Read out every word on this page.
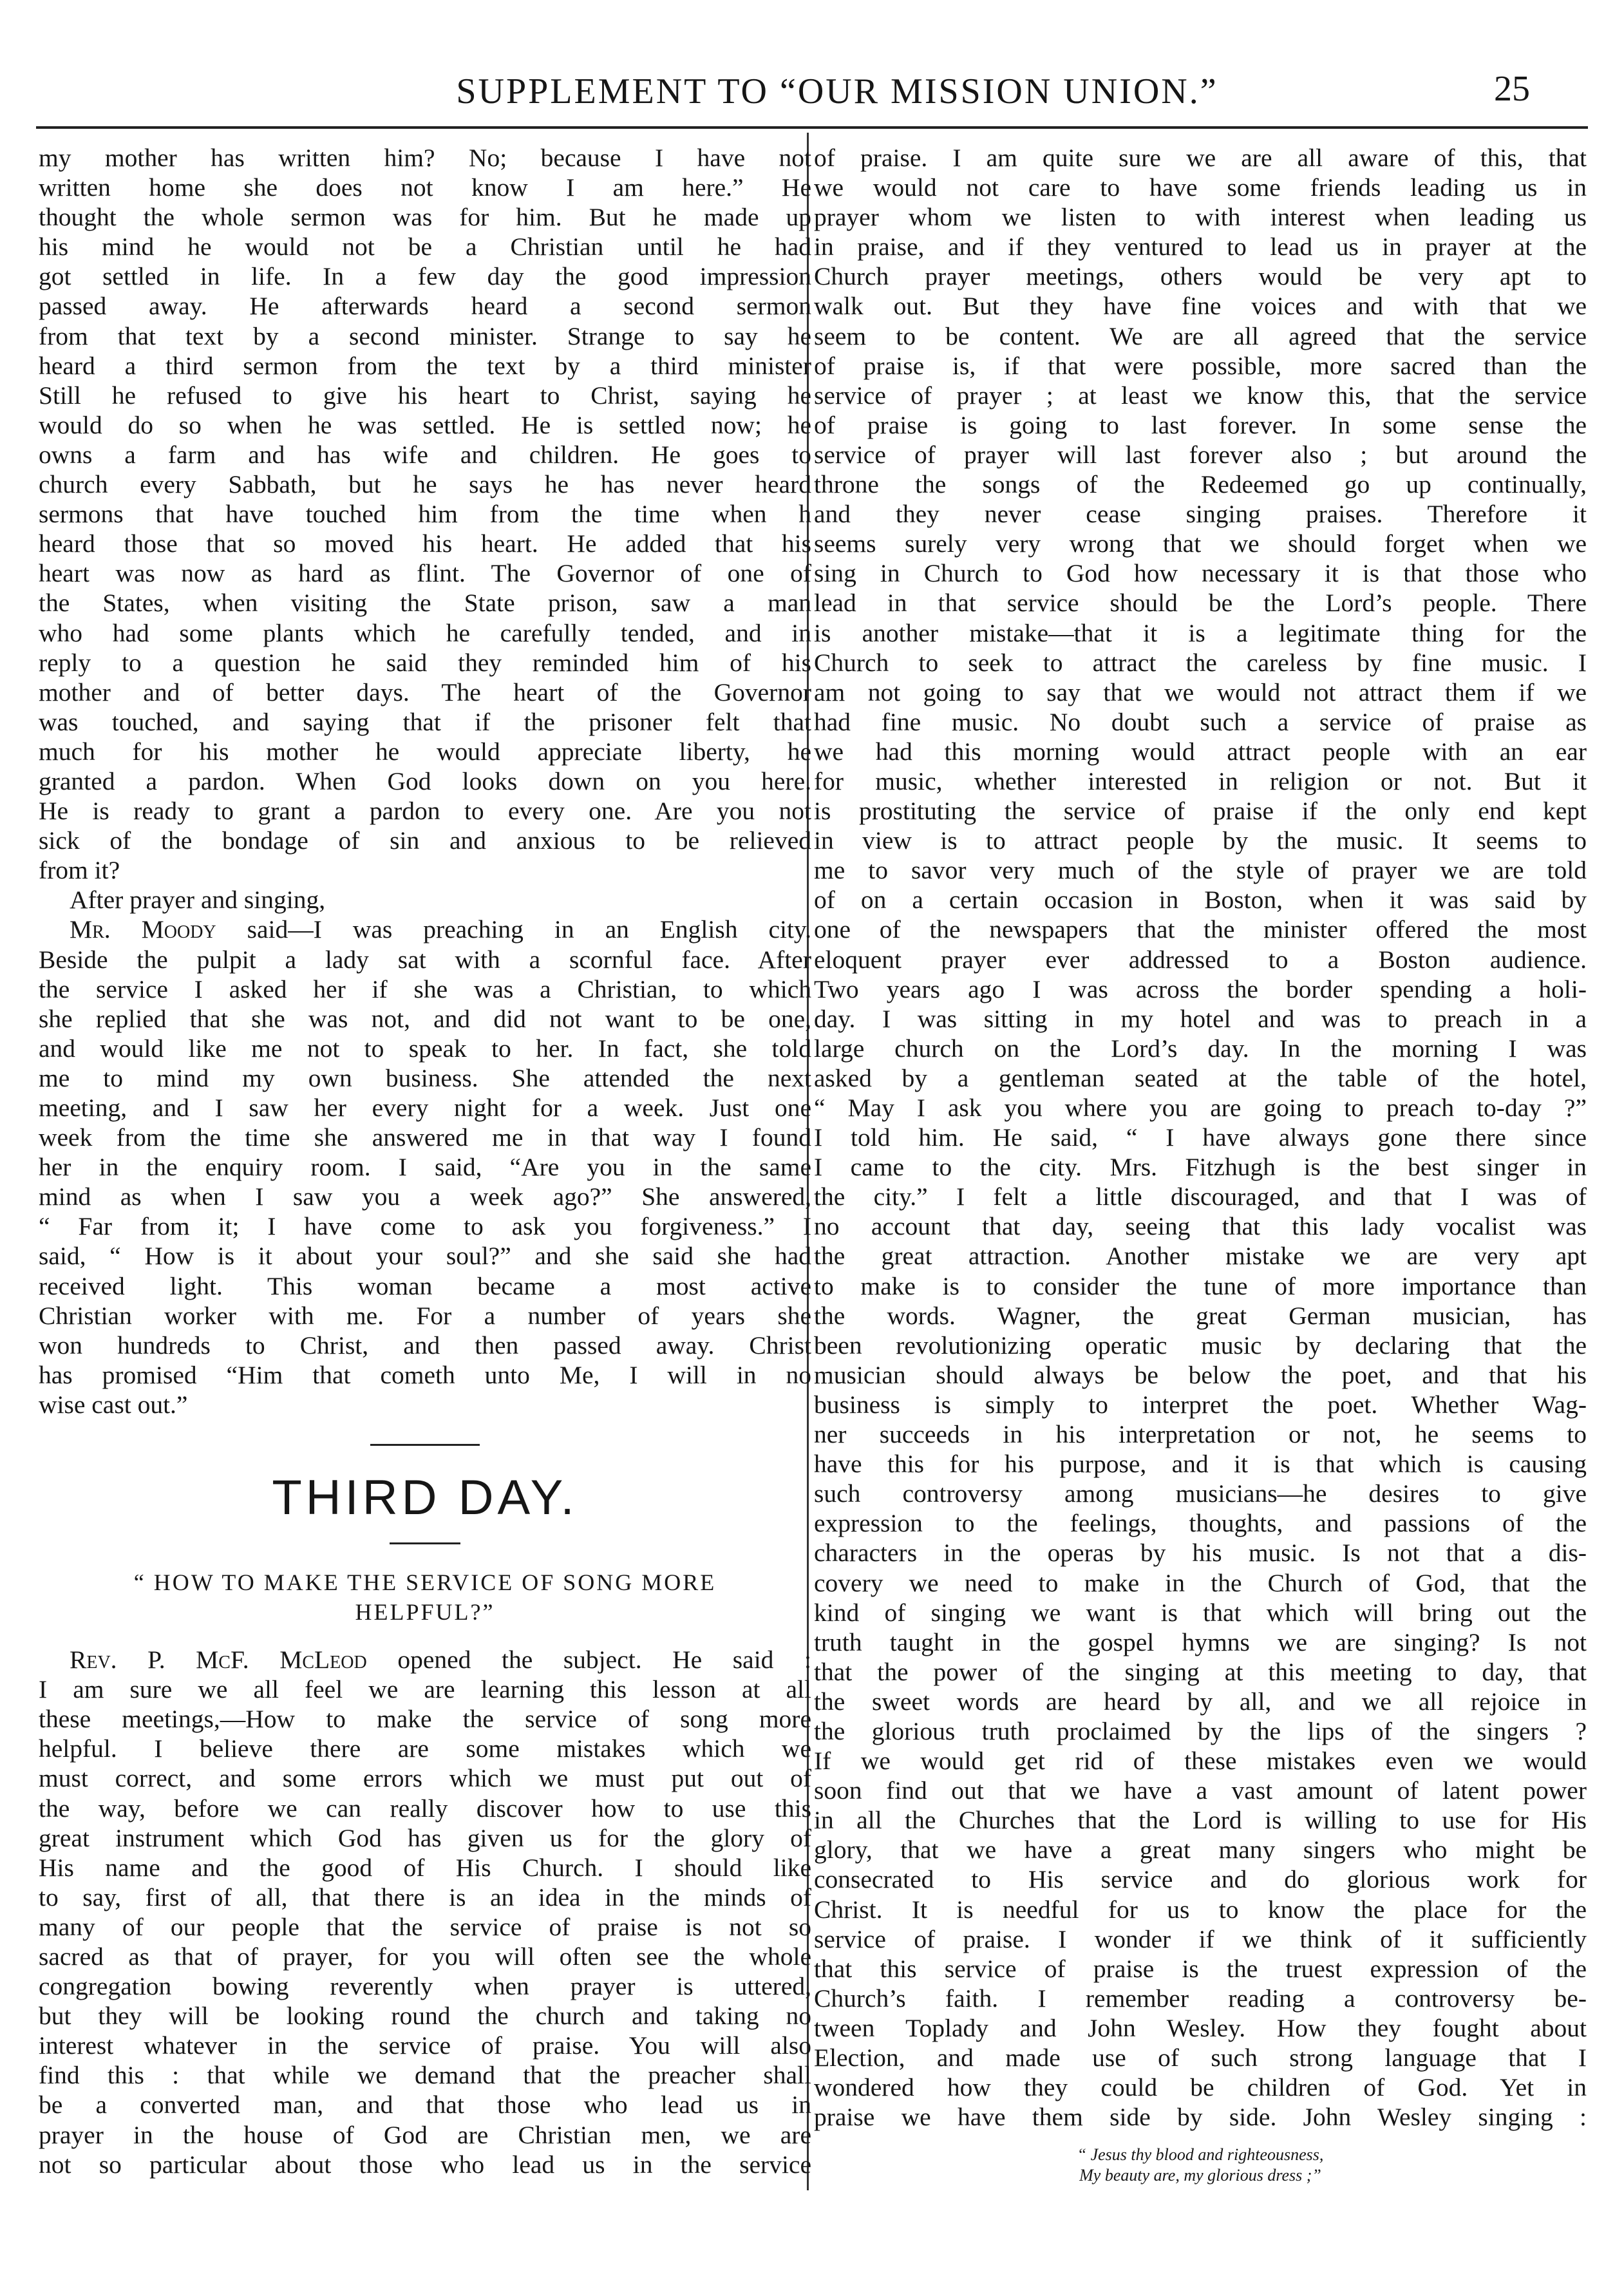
SUPPLEMENT TO “OUR MISSION UNION.”	25
my mother has written him? No; because I have not
written home she does not know I am here.” He
thought the whole sermon was for him. But he made up
his mind he would not be a Christian until he had
got settled in life. In a few day the good impression
passed away. He afterwards heard a second sermon
from that text by a second minister. Strange to say he
heard a third sermon from the text by a third minister
Still he refused to give his heart to Christ, saying he
would do so when he was settled. He is settled now; he
owns a farm and has wife and children. He goes to
church every Sabbath, but he says he has never heard
sermons that have touched him from the time when h
heard those that so moved his heart. He added that his
heart was now as hard as flint. The Governor of one of
the States, when visiting the State prison, saw a man
who had some plants which he carefully tended, and in
reply to a question he said they reminded him of his
mother and of better days. The heart of the Governor
was touched, and saying that if the prisoner felt that
much for his mother he would appreciate liberty, he
granted a pardon. When God looks down on you here.
He is ready to grant a pardon to every one. Are you not
sick of the bondage of sin and anxious to be relieved
from it?
After prayer and singing,
Mr. Moody said—I was preaching in an English city.
Beside the pulpit a lady sat with a scornful face. After
the service I asked her if she was a Christian, to which
she replied that she was not, and did not want to be one,
and would like me not to speak to her. In fact, she told
me to mind my own business. She attended the next
meeting, and I saw her every night for a week. Just one
week from the time she answered me in that way I found
her in the enquiry room. I said, “Are you in the same
mind as when I saw you a week ago?” She answered,
“ Far from it; I have come to ask you forgiveness.” I
said, “ How is it about your soul?” and she said she had
received light. This woman became a most active
Christian worker with me. For a number of years she
won hundreds to Christ, and then passed away. Christ
has promised “Him that cometh unto Me, I will in no
wise cast out.”
THIRD DAY.
“ HOW TO MAKE THE SERVICE OF SONG MORE
HELPFUL?”
Rev. P. McF. McLeod opened the subject. He said :
I am sure we all feel we are learning this lesson at all
these meetings,—How to make the service of song more
helpful. I believe there are some mistakes which we
must correct, and some errors which we must put out of
the way, before we can really discover how to use this
great instrument which God has given us for the glory of
His name and the good of His Church. I should like
to say, first of all, that there is an idea in the minds of
many of our people that the service of praise is not so
sacred as that of prayer, for you will often see the whole
congregation bowing reverently when prayer is uttered,
but they will be looking round the church and taking no
interest whatever in the service of praise. You will also
find this : that while we demand that the preacher shall
be a converted man, and that those who lead us in
prayer in the house of God are Christian men, we are
not so particular about those who lead us in the service
of praise. I am quite sure we are all aware of this, that
we would not care to have some friends leading us in
prayer whom we listen to with interest when leading us
in praise, and if they ventured to lead us in prayer at the
Church prayer meetings, others would be very apt to
walk out. But they have fine voices and with that we
seem to be content. We are all agreed that the service
of praise is, if that were possible, more sacred than the
service of prayer ; at least we know this, that the service
of praise is going to last forever. In some sense the
service of prayer will last forever also ; but around the
throne the songs of the Redeemed go up continually,
and they never cease singing praises. Therefore it
seems surely very wrong that we should forget when we
sing in Church to God how necessary it is that those who
lead in that service should be the Lord’s people. There
is another mistake—that it is a legitimate thing for the
Church to seek to attract the careless by fine music. I
am not going to say that we would not attract them if we
had fine music. No doubt such a service of praise as
we had this morning would attract people with an ear
for music, whether interested in religion or not. But it
is prostituting the service of praise if the only end kept
in view is to attract people by the music. It seems to
me to savor very much of the style of prayer we are told
of on a certain occasion in Boston, when it was said by
one of the newspapers that the minister offered the most
eloquent prayer ever addressed to a Boston audience.
Two years ago I was across the border spending a holi-
day. I was sitting in my hotel and was to preach in a
large church on the Lord’s day. In the morning I was
asked by a gentleman seated at the table of the hotel,
“ May I ask you where you are going to preach to-day ?”
I told him. He said, “ I have always gone there since
I came to the city. Mrs. Fitzhugh is the best singer in
the city.” I felt a little discouraged, and that I was of
no account that day, seeing that this lady vocalist was
the great attraction. Another mistake we are very apt
to make is to consider the tune of more importance than
the words. Wagner, the great German musician, has
been revolutionizing operatic music by declaring that the
musician should always be below the poet, and that his
business is simply to interpret the poet. Whether Wag-
ner succeeds in his interpretation or not, he seems to
have this for his purpose, and it is that which is causing
such controversy among musicians—he desires to give
expression to the feelings, thoughts, and passions of the
characters in the operas by his music. Is not that a dis-
covery we need to make in the Church of God, that the
kind of singing we want is that which will bring out the
truth taught in the gospel hymns we are singing? Is not
that the power of the singing at this meeting to day, that
the sweet words are heard by all, and we all rejoice in
the glorious truth proclaimed by the lips of the singers ?
If we would get rid of these mistakes even we would
soon find out that we have a vast amount of latent power
in all the Churches that the Lord is willing to use for His
glory, that we have a great many singers who might be
consecrated to His service and do glorious work for
Christ. It is needful for us to know the place for the
service of praise. I wonder if we think of it sufficiently
that this service of praise is the truest expression of the
Church’s faith. I remember reading a controversy be-
tween Toplady and John Wesley. How they fought about
Election, and made use of such strong language that I
wondered how they could be children of God. Yet in
praise we have them side by side. John Wesley singing :
“ Jesus thy blood and righteousness,
My beauty are, my glorious dress ;”
